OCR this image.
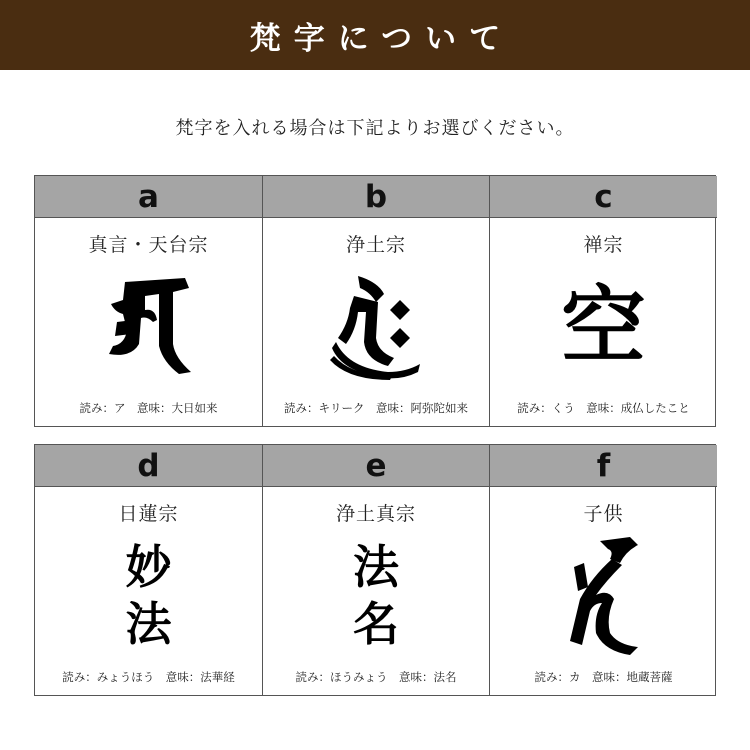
梵字について
梵字を入れる場合は下記よりお選びください。
a
真言・天台宗
読み：ア　意味：大日如来
b
浄土宗
読み：キリーク　意味：阿弥陀如来
c
禅宗
空
読み：くう　意味：成仏したこと
d
日蓮宗
妙
法
読み：みょうほう　意味：法華経
e
浄土真宗
法
名
読み：ほうみょう　意味：法名
f
子供
読み：カ　意味：地蔵菩薩
